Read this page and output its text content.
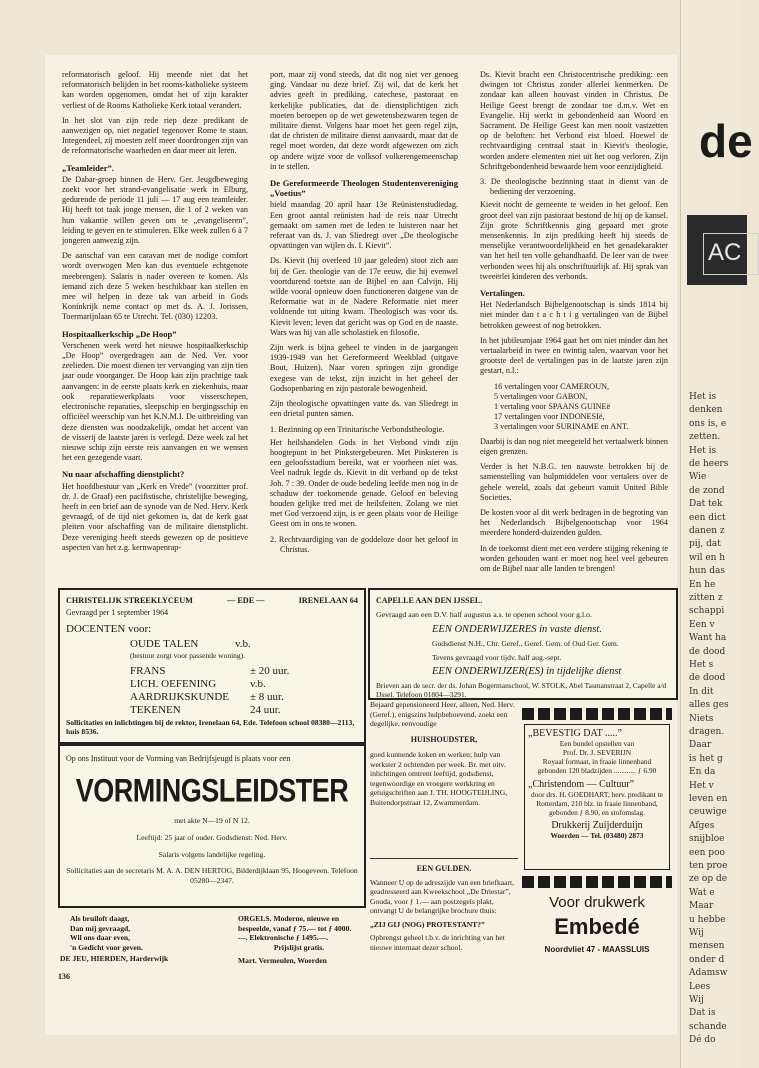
reformatorisch geloof. Hij meende niet dat het reformatorisch belijden in het rooms-katholieke systeem kan worden opgenomen, omdat het of zijn karakter verliest of de Rooms Katholieke Kerk totaal verandert.

In het slot van zijn rede riep deze predikant de aanwezigen op, niet negatief tegenover Rome te staan. Integendeel, zij moesten zelf meer doordrongen zijn van de reformatorische waarheden en daar meer uit leren.

„Teamleider”.

De Dabar-groep binnen de Herv. Ger. Jeugdbeweging zoekt voor het strand-evangelisatie werk in Elburg, gedurende de periode 11 juli — 17 aug een teamleider. Hij heeft tot taak jonge mensen, die 1 of 2 weken van hun vakantie willen geven om te „evangeliseren”, leiding te geven en te stimuleren. Elke week zullen 6 à 7 jongeren aanwezig zijn.

De aanschaf van een caravan met de nodige comfort wordt overwogen Men kan dus eventuele echtgenote meebrengen). Salaris is nader overeen te komen. Als iemand zich deze 5 weken beschikbaar kan stellen en mee wil helpen in deze tak van arbeid in Gods Koninkrijk neme contact op met ds. A. J. Jorissen, Toermarijnlaan 65 te Utrecht. Tel. (030) 12203.

Hospitaalkerkschip „De Hoop”

Verschenen week werd het nieuwe hospitaalkerkschip „De Hoop” overgedragen aan de Ned. Ver. voor zeelieden. Die moest dienen ter vervanging van zijn tien jaar oude voorganger. De Hoop kan zijn prachtige taak aanvangen: in de eerste plaats kerk en ziekenhuis, maar ook reparatiewerkplaats voor visserschepen, electronische reparaties, sleepschip en bergingsschip en officiëel weerschip van het K.N.M.I. De uitbreiding van deze diensten was noodzakelijk, omdat het accent van de visserij de laatste jaren is verlegd. Deze week zal het nieuwe schip zijn eerste reis aanvangen en we wensen het een gezegende vaart.

Nu naar afschaffing dienstplicht?

Het hoofdbestuur van „Kerk en Vrede” (voorzitter prof. dr. J. de Graaf) een pacifistische, christelijke beweging, heeft in een brief aan de synode van de Ned. Herv. Kerk gevraagd, of de tijd niet gekomen is, dat de kerk gaat pleiten voor afschaffing van de militaire dienstplicht. Deze vereniging heeft steeds gewezen op de positieve aspecten van het z.g. kernwapenrap-

port, maar zij vond steeds, dat dit nog niet ver genoeg ging. Vandaar nu deze brief. Zij wil, dat de kerk het advies geeft in prediking, catechese, pastoraat en kerkelijke publicaties, dat de dienstplichtigen zich moeten beroepen op de wet gewetensbezwaren tegen de militaire dienst. Volgens haar moet het geen regel zijn, dat de christen de militaire dienst aanvaardt, maar dat de regel moet worden, dat deze wordt afgewezen om zich op andere wijze voor de volksof volkerengemeenschap in te stellen.

De Gereformeerde Theologen Studentenvereniging „Voetius”

hield maandag 20 april haar 13e Reünistenstudiedag. Een groot aantal reünisten had de reis naar Utrecht gemaakt om samen met de leden te luisteren naar het referaat van ds. J. van Sliedregt over „De theologische opvattingen van wijlen ds. I. Kievit”.

Ds. Kievit (hij overleed 10 jaar geleden) stoot zich aan bij de Ger. theologie van de 17e eeuw, die hij evenwel voortdurend toetste aan de Bijbel en aan Calvijn. Hij wilde vooral opnieuw doen functioneren datgene van de Reformatie wat in de Nadere Reformatie niet meer voldoende tot uiting kwam. Theologisch was voor ds. Kievit leven; leven dat gericht was op God en de naaste. Wars was hij van alle scholastiek en filosofie.

Zijn werk is bijna geheel te vinden in de jaargangen 1939-1949 van het Gereformeerd Weekblad (uitgave Bout, Huizen). Naar voren springen zijn grondige exegese van de tekst, zijn inzicht in het geheel der Godsopenbaring en zijn pastorale bewogenheid.

Zijn theologische opvattingen vatte ds. van Sliedregt in een drietal punten samen.

1. Bezinning op een Trinitarische Verbondstheologie.

Het heilshandelen Gods in het Verbond vindt zijn hoogtepunt in het Pinkstergebeuren. Met Pinksteren is een geloofsstadium bereikt, wat er voorheen niet was. Veel nadruk legde ds. Kievit in dit verband op de tekst Joh. 7 : 39. Onder de oude bedeling leefde men nog in de schaduw der toekomende genade. Geloof en beleving houden gelijke tred met de heilsfeiten. Zolang we niet met God verzoend zijn, is er geen plaats voor de Heilige Geest om in ons te wonen.

2. Rechtvaardiging van de goddeloze door het geloof in Christus.

Ds. Kievit bracht een Christocentrische prediking: een dwingen tot Christus zonder allerlei kenmerken. De zondaar kan alleen houvast vinden in Christus. De Heilige Geest brengt de zondaar toe d.m.v. Wet en Evangelie. Hij werkt in gebondenheid aan Woord en Sacrament. De Heilige Geest kan men nooit vastzetten op de beloften: het Verbond eist bloed. Hoewel de rechtvaardiging centraal staat in Kievit's theologie, worden andere elementen niet uit het oog verloren. Zijn Schriftgebondenheid bewaarde hem voor eenzijdigheid.

3. De theologische bezinning staat in dienst van de bediening der verzoening.

Kievit nocht de gemeente te weiden in het geloof. Een groot deel van zijn pastoraat bestond de hij op de kansel. Zijn grote Schriftkennis ging gepaard met grote mensenkennis. In zijn prediking heeft hij steeds de menselijke verantwoordelijkheid en het genadekarakter van het heil ten volle gehandhaafd. De leer van de twee verbonden wees hij als onschriftuurlijk af. Hij sprak van tweeërlei kinderen des verbonds.

Vertalingen.

Het Nederlandsch Bijbelgenootschap is sinds 1814 bij niet minder dan t a c h t i g vertalingen van de Bijbel betrokken geweest of nog betrokken.

In het jubileumjaar 1964 gaat het om niet minder dan het vertaalarbeid in twee en twintig talen, waarvan voor het grootste deel de vertalingen pas in de laatste jaren zijn gestart, n.l.:

16 vertalingen voor CAMEROUN,
5 vertalingen voor GABON,
1 vertaling voor SPAANS GUINEë
17 vertalingen voor INDONESIë,
3 vertalingen voor SURINAME en ANT.

Daarbij is dan nog niet meegeteld het vertaalwerk binnen eigen grenzen.

Verder is het N.B.G. ten nauwste betrokken bij de samenstelling van hulpmiddelen voor vertalers over de gehele wereld, zoals dat gebeurt vanuit United Bible Societies.

De kosten voor al dit werk bedragen in de begroting van het Nederlandsch Bijbelgenootschap voor 1964 meerdere honderd-duizenden gulden.

In de toekomst dient met een verdere stijging rekening te worden gehouden want er moet nog heel veel gebeuren om de Bijbel naar alle landen te brengen!

CHRISTELIJK STREEKLYCEUM	— EDE —	IRENELAAN 64
Gevraagd per 1 september 1964
DOCENTEN voor:
OUDE TALEN	v.b.
(bestuur zorgt voor passende woning).
FRANS	± 20 uur.
LICH. OEFENING	v.b.
AARDRIJKSKUNDE ± 8 uur.
TEKENEN	24 uur.
Sollicitaties en inlichtingen bij de rektor, Irenelaan 64, Ede. Telefoon school 08380—2113, huis 8536.
CAPELLE AAN DEN IJSSEL.
Gevraagd aan een D.V. half augustus a.s. te openen school voor g.l.o.
EEN ONDERWIJZERES in vaste dienst.
Godsdienst N.H., Chr. Geref., Geref. Gem. of Oud Ger. Gem.
Tevens gevraagd voor tijdv. half aug.-sept.
EEN ONDERWIJZER(ES) in tijdelijke dienst
Brieven aan de secr. der ds. Johan Bogermanschool, W. STOLK, Abel Tasmanstraat 2, Capelle a/d IJssel. Telefoon 01804—3291.
Op ons Instituut voor de Vorming van Bedrijfsjeugd is plaats voor een
VORMINGSLEIDSTER
met akte N—19 of N 12.
Leeftijd: 25 jaar of ouder. Godsdienst: Ned. Herv.
Salaris volgens landelijke regeling.
Sollicitaties aan de secretaris M. A. A. DEN HERTOG, Bilderdijklaan 95, Hoogeveen. Telefoon 05280—2347.
Bejaard gepensioneerd Heer, alleen, Ned. Herv. (Geref.), enigszins hulpbehoevend, zoekt een degelijke, eenvoudige
HUISHOUDSTER,
goed kunnende koken en werken; hulp van werkster 2 ochtenden per week. Br. met uitv. inlichtingen omtrent leeftijd, godsdienst, tegenwoordige en vroegere werkkring en getuigschriften aan J. TH. HOOGTEIJLING, Buitendorpstraat 12, Zwammerdam.
EEN GULDEN.
Wanneer U op de adreszijde van een briefkaart, geadresseerd aan Kweekschool „De Driestar”, Gouda, voor ƒ 1.— aan postzegels plakt, ontvangt U de belangrijke brochure thuis:
„ZIJ GIJ (NOG) PROTESTANT?”
Opbrengst geheel t.b.v. de inrichting van het nieuwe internaat dezer school.
„BEVESTIG DAT .....”
Een bundel opstellen van
Prof. Dr. J. SEVERIJN
Royaal formaat, in fraaie linnenband gebonden 120 bladzijden ............ ƒ 6.90
„Christendom — Cultuur”
door drs. H. GOEDHART, herv. predikant te Rotterdam, 210 blz. in fraaie linnenband, gebonden ƒ 8.90, en stofomslag.
Drukkerij Zuijderduijn
Woerden — Tel. (03480) 2873
Voor drukwerk
Embedé
Noordvliet 47 - MAASSLUIS
Als bruiloft daagt,
Dan mij gevraagd,
Wil ons daar even,
'n Gedicht voor geven.
DE JEU, HIERDEN, Harderwijk
ORGELS. Moderne, nieuwe en bespeelde, vanaf ƒ 75.— tot ƒ 4000.—. Elektronische ƒ 1495.—.
Prijslijst gratis.
Mart. Vermeulen, Woerden
136
de
AC
Het is
denken
ons is, e
zetten.
Het is
de heers
Wie
de zond
Dat tek
een dict
danen z
pij, dat
wil en h
hun das
En he
zitten z
schappi
Een v
Want ha
de dood
Het s
de dood
In dit
alles ges
Niets
dragen.
Daar
is het g
En da
Het v
leven en
ceuwige
Afges
snijbloe
een poo
ten proe
ze op de
Wat e
Maar
u hebbe
Wij
mensen
onder d
Adamsw
Lees
Wij
Dat is
schande
Dé do
